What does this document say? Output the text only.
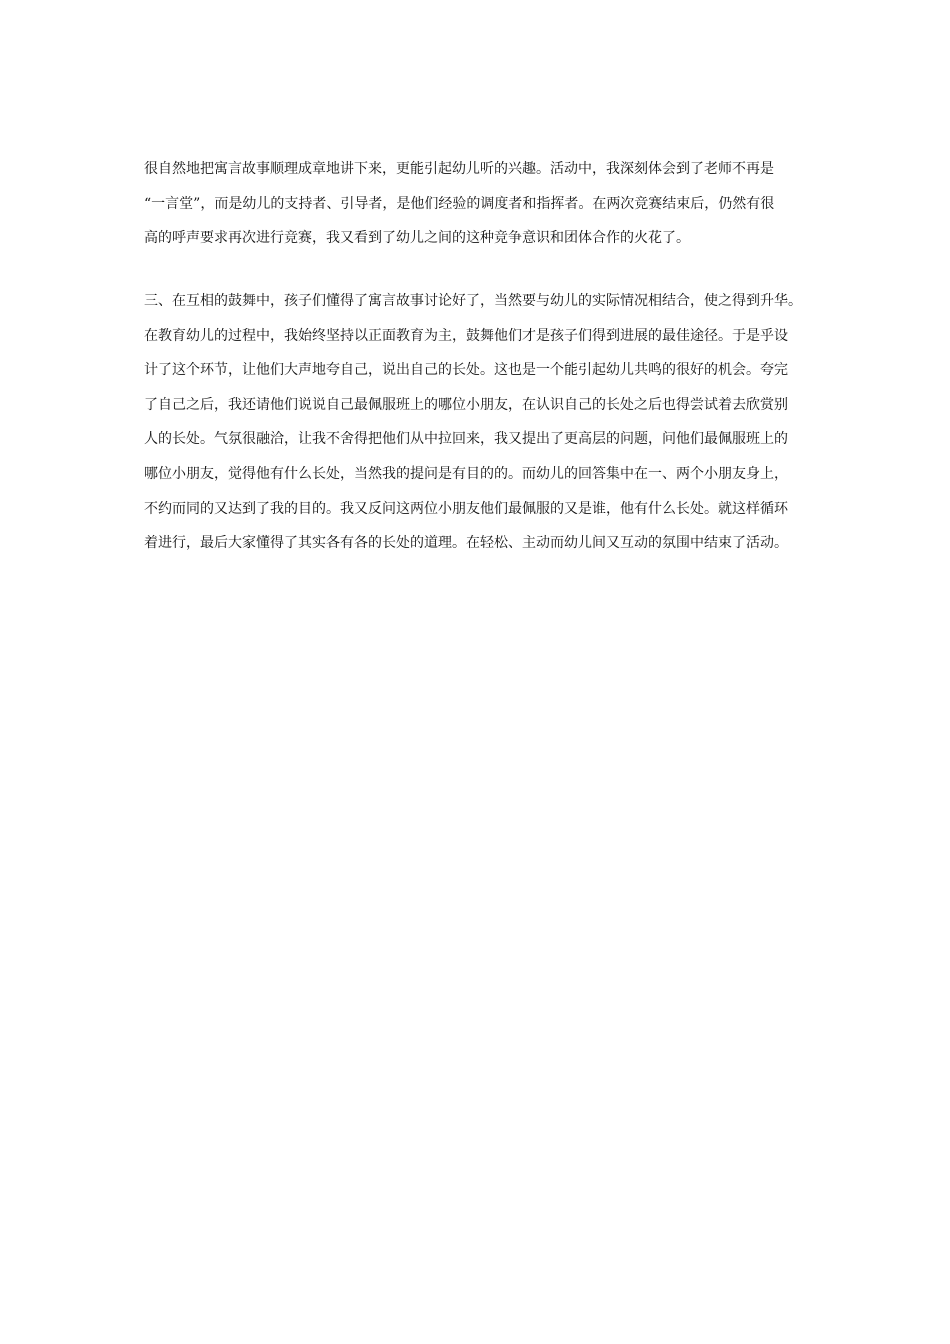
很自然地把寓言故事顺理成章地讲下来，更能引起幼儿听的兴趣。活动中，我深刻体会到了老师不再是
“一言堂”，而是幼儿的支持者、引导者，是他们经验的调度者和指挥者。在两次竞赛结束后，仍然有很
高的呼声要求再次进行竞赛，我又看到了幼儿之间的这种竞争意识和团体合作的火花了。
三、在互相的鼓舞中，孩子们懂得了寓言故事讨论好了，当然要与幼儿的实际情况相结合，使之得到升华。
在教育幼儿的过程中，我始终坚持以正面教育为主，鼓舞他们才是孩子们得到进展的最佳途径。于是乎设
计了这个环节，让他们大声地夸自己，说出自己的长处。这也是一个能引起幼儿共鸣的很好的机会。夸完
了自己之后，我还请他们说说自己最佩服班上的哪位小朋友，在认识自己的长处之后也得尝试着去欣赏别
人的长处。气氛很融洽，让我不舍得把他们从中拉回来，我又提出了更高层的问题，问他们最佩服班上的
哪位小朋友，觉得他有什么长处，当然我的提问是有目的的。而幼儿的回答集中在一、两个小朋友身上，
不约而同的又达到了我的目的。我又反问这两位小朋友他们最佩服的又是谁，他有什么长处。就这样循环
着进行，最后大家懂得了其实各有各的长处的道理。在轻松、主动而幼儿间又互动的氛围中结束了活动。
